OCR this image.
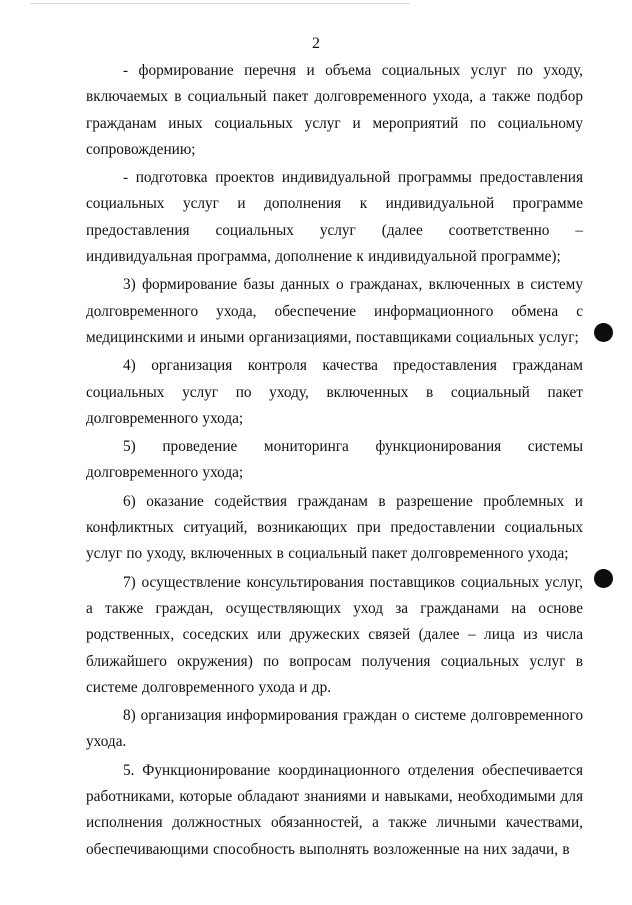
2

- формирование перечня и объема социальных услуг по уходу, включаемых в социальный пакет долговременного ухода, а также подбор гражданам иных социальных услуг и мероприятий по социальному сопровождению;

- подготовка проектов индивидуальной программы предоставления социальных услуг и дополнения к индивидуальной программе предоставления социальных услуг (далее соответственно – индивидуальная программа, дополнение к индивидуальной программе);

3) формирование базы данных о гражданах, включенных в систему долговременного ухода, обеспечение информационного обмена с медицинскими и иными организациями, поставщиками социальных услуг;

4) организация контроля качества предоставления гражданам социальных услуг по уходу, включенных в социальный пакет долговременного ухода;

5) проведение мониторинга функционирования системы долговременного ухода;

6) оказание содействия гражданам в разрешение проблемных и конфликтных ситуаций, возникающих при предоставлении социальных услуг по уходу, включенных в социальный пакет долговременного ухода;

7) осуществление консультирования поставщиков социальных услуг, а также граждан, осуществляющих уход за гражданами на основе родственных, соседских или дружеских связей (далее – лица из числа ближайшего окружения) по вопросам получения социальных услуг в системе долговременного ухода и др.

8) организация информирования граждан о системе долговременного ухода.

5. Функционирование координационного отделения обеспечивается работниками, которые обладают знаниями и навыками, необходимыми для исполнения должностных обязанностей, а также личными качествами, обеспечивающими способность выполнять возложенные на них задачи, в
